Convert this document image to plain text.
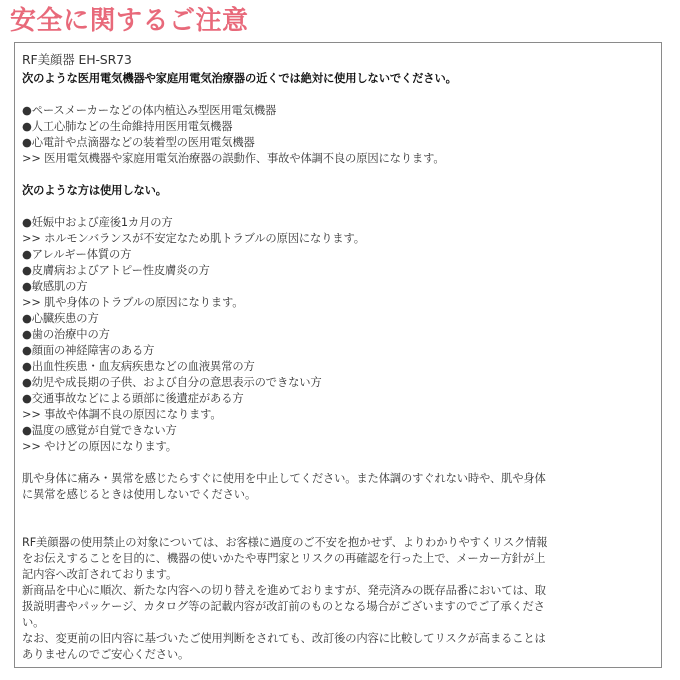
安全に関するご注意
RF美顔器 EH-SR73
次のような医用電気機器や家庭用電気治療器の近くでは絶対に使用しないでください。
●ペースメーカーなどの体内植込み型医用電気機器
●人工心肺などの生命維持用医用電気機器
●心電計や点滴器などの装着型の医用電気機器
>> 医用電気機器や家庭用電気治療器の誤動作、事故や体調不良の原因になります。
次のような方は使用しない。
●妊娠中および産後1カ月の方
>> ホルモンバランスが不安定なため肌トラブルの原因になります。
●アレルギー体質の方
●皮膚病およびアトピー性皮膚炎の方
●敏感肌の方
>> 肌や身体のトラブルの原因になります。
●心臓疾患の方
●歯の治療中の方
●顔面の神経障害のある方
●出血性疾患・血友病疾患などの血液異常の方
●幼児や成長期の子供、および自分の意思表示のできない方
●交通事故などによる頭部に後遺症がある方
>> 事故や体調不良の原因になります。
●温度の感覚が自覚できない方
>> やけどの原因になります。
肌や身体に痛み・異常を感じたらすぐに使用を中止してください。また体調のすぐれない時や、肌や身体
に異常を感じるときは使用しないでください。
RF美顔器の使用禁止の対象については、お客様に過度のご不安を抱かせず、よりわかりやすくリスク情報
をお伝えすることを目的に、機器の使いかたや専門家とリスクの再確認を行った上で、メーカー方針が上
記内容へ改訂されております。
新商品を中心に順次、新たな内容への切り替えを進めておりますが、発売済みの既存品番においては、取
扱説明書やパッケージ、カタログ等の記載内容が改訂前のものとなる場合がございますのでご了承くださ
い。
なお、変更前の旧内容に基づいたご使用判断をされても、改訂後の内容に比較してリスクが高まることは
ありませんのでご安心ください。
